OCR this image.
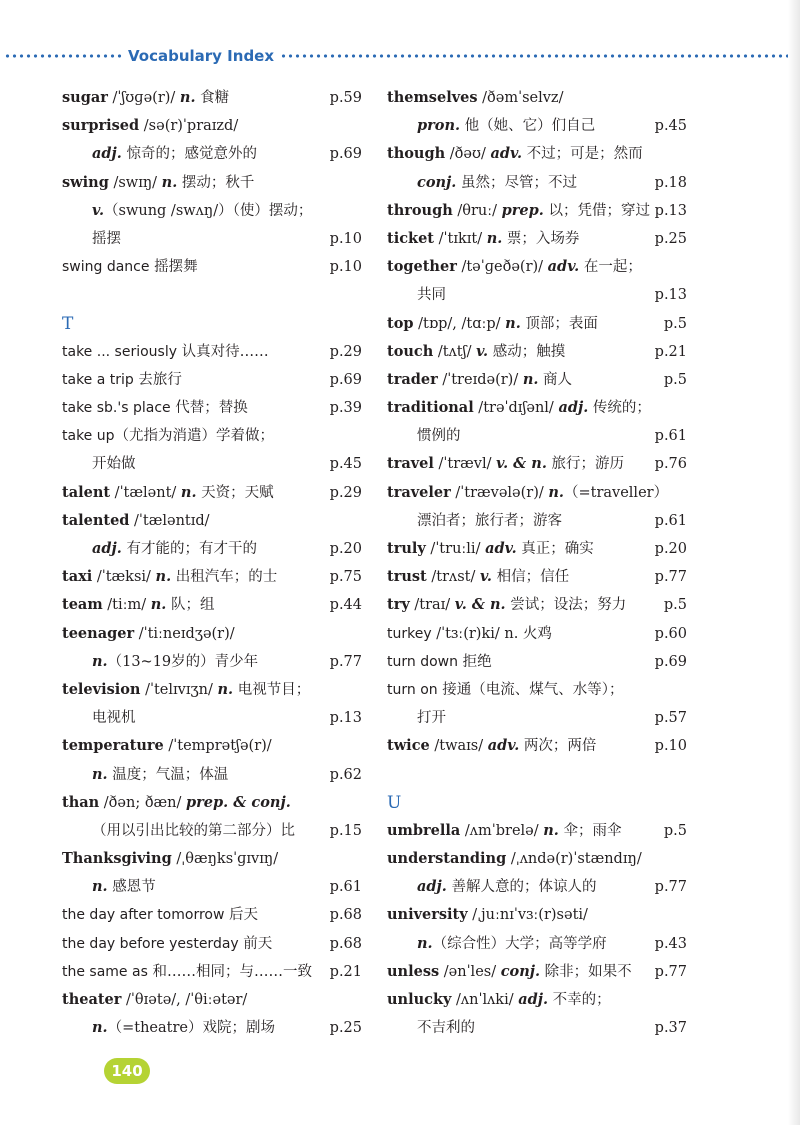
Vocabulary Index
sugar /ˈʃʊɡə(r)/ n. 食糖	p.59
surprised /sə(r)ˈpraɪzd/
adj. 惊奇的；感觉意外的	p.69
swing /swɪŋ/ n. 摆动；秋千
v.（swung /swʌŋ/）（使）摆动；
摇摆	p.10
swing dance 摇摆舞	p.10
T
take ... seriously 认真对待……	p.29
take a trip 去旅行	p.69
take sb.'s place 代替；替换	p.39
take up（尤指为消遣）学着做；
开始做	p.45
talent /ˈtælənt/ n. 天资；天赋	p.29
talented /ˈtæləntɪd/
adj. 有才能的；有才干的	p.20
taxi /ˈtæksi/ n. 出租汽车；的士	p.75
team /tiːm/ n. 队；组	p.44
teenager /ˈtiːneɪdʒə(r)/
n.（13~19岁的）青少年	p.77
television /ˈtelɪvɪʒn/ n. 电视节目；
电视机	p.13
temperature /ˈtemprətʃə(r)/
n. 温度；气温；体温	p.62
than /ðən; ðæn/ prep. & conj.
（用以引出比较的第二部分）比 p.15
Thanksgiving /ˌθæŋksˈɡɪvɪŋ/
n. 感恩节	p.61
the day after tomorrow 后天	p.68
the day before yesterday 前天	p.68
the same as 和……相同；与……一致 p.21
theater /ˈθɪətə/, /ˈθiːətər/
n.（=theatre）戏院；剧场	p.25
themselves /ðəmˈselvz/
pron. 他（她、它）们自己	p.45
though /ðəʊ/ adv. 不过；可是；然而
conj. 虽然；尽管；不过	p.18
through /θruː/ prep. 以；凭借；穿过 p.13
ticket /ˈtɪkɪt/ n. 票；入场券	p.25
together /təˈɡeðə(r)/ adv. 在一起；
共同	p.13
top /tɒp/, /tɑːp/ n. 顶部；表面	p.5
touch /tʌtʃ/ v. 感动；触摸	p.21
trader /ˈtreɪdə(r)/ n. 商人	p.5
traditional /trəˈdɪʃənl/ adj. 传统的；
惯例的	p.61
travel /ˈtrævl/ v. & n. 旅行；游历 p.76
traveler /ˈtrævələ(r)/ n.（=traveller）
漂泊者；旅行者；游客	p.61
truly /ˈtruːli/ adv. 真正；确实	p.20
trust /trʌst/ v. 相信；信任	p.77
try /traɪ/ v. & n. 尝试；设法；努力	p.5
turkey /ˈtɜː(r)ki/ n. 火鸡	p.60
turn down 拒绝	p.69
turn on 接通（电流、煤气、水等）；
打开	p.57
twice /twaɪs/ adv. 两次；两倍	p.10
U
umbrella /ʌmˈbrelə/ n. 伞；雨伞	p.5
understanding /ˌʌndə(r)ˈstændɪŋ/
adj. 善解人意的；体谅人的	p.77
university /ˌjuːnɪˈvɜː(r)səti/
n.（综合性）大学；高等学府	p.43
unless /ənˈles/ conj. 除非；如果不 p.77
unlucky /ʌnˈlʌki/ adj. 不幸的；
不吉利的	p.37
140
